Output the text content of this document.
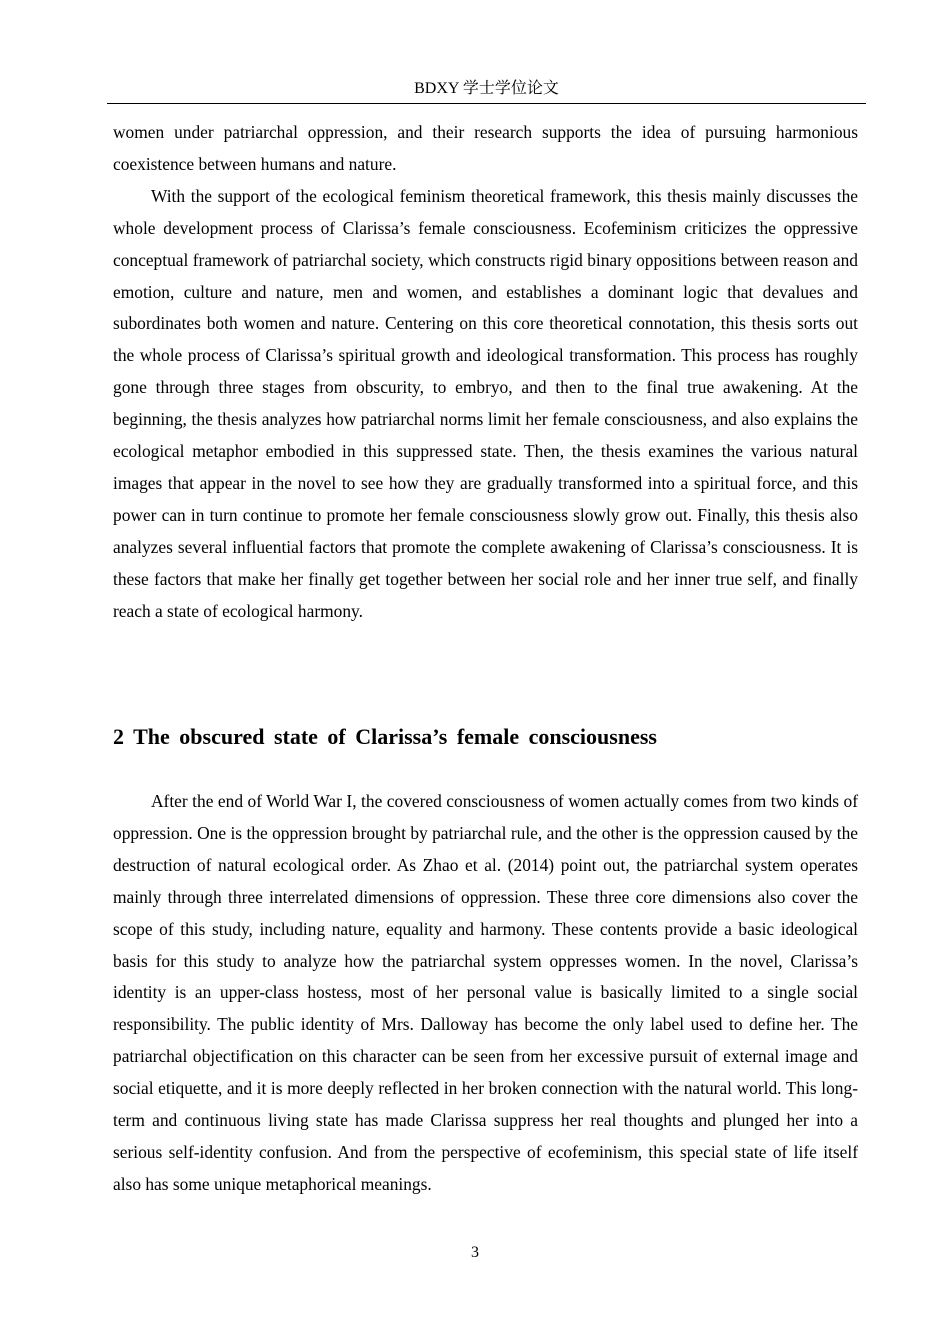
BDXY 学士学位论文

women under patriarchal oppression, and their research supports the idea of pursuing harmonious coexistence between humans and nature.

With the support of the ecological feminism theoretical framework, this thesis mainly discusses the whole development process of Clarissa’s female consciousness. Ecofeminism criticizes the oppressive conceptual framework of patriarchal society, which constructs rigid binary oppositions between reason and emotion, culture and nature, men and women, and establishes a dominant logic that devalues and subordinates both women and nature. Centering on this core theoretical connotation, this thesis sorts out the whole process of Clarissa’s spiritual growth and ideological transformation. This process has roughly gone through three stages from obscurity, to embryo, and then to the final true awakening. At the beginning, the thesis analyzes how patriarchal norms limit her female consciousness, and also explains the ecological metaphor embodied in this suppressed state. Then, the thesis examines the various natural images that appear in the novel to see how they are gradually transformed into a spiritual force, and this power can in turn continue to promote her female consciousness slowly grow out. Finally, this thesis also analyzes several influential factors that promote the complete awakening of Clarissa’s consciousness. It is these factors that make her finally get together between her social role and her inner true self, and finally reach a state of ecological harmony.

2 The obscured state of Clarissa’s female consciousness

After the end of World War I, the covered consciousness of women actually comes from two kinds of oppression. One is the oppression brought by patriarchal rule, and the other is the oppression caused by the destruction of natural ecological order. As Zhao et al. (2014) point out, the patriarchal system operates mainly through three interrelated dimensions of oppression. These three core dimensions also cover the scope of this study, including nature, equality and harmony. These contents provide a basic ideological basis for this study to analyze how the patriarchal system oppresses women. In the novel, Clarissa’s identity is an upper-class hostess, most of her personal value is basically limited to a single social responsibility. The public identity of Mrs. Dalloway has become the only label used to define her. The patriarchal objectification on this character can be seen from her excessive pursuit of external image and social etiquette, and it is more deeply reflected in her broken connection with the natural world. This long-term and continuous living state has made Clarissa suppress her real thoughts and plunged her into a serious self-identity confusion. And from the perspective of ecofeminism, this special state of life itself also has some unique metaphorical meanings.

3
